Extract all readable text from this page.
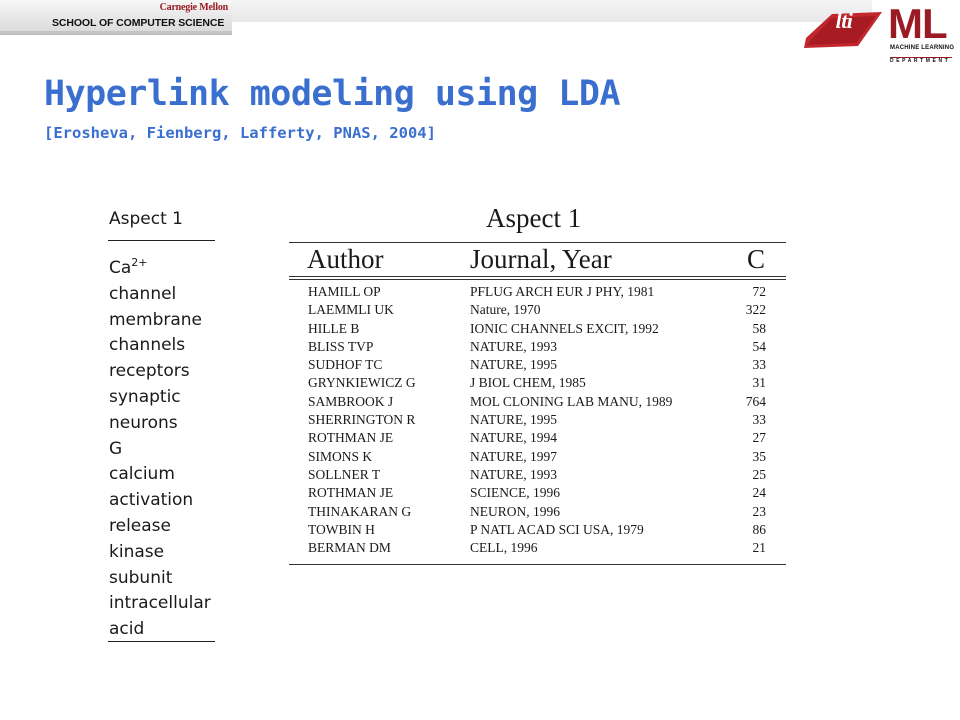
Carnegie Mellon
SCHOOL OF COMPUTER SCIENCE	lti ML
MACHINE LEARNING
DEPARTMENT
Hyperlink modeling using LDA
[Erosheva, Fienberg, Lafferty, PNAS, 2004]
Aspect 1
$Ca^{2+}$
channel
membrane
channels
receptors
synaptic
neurons
G
calcium
activation
release
kinase
subunit
intracellular
acid
Aspect 1
Author	Journal, Year	C
HAMILL OP	PFLUG ARCH EUR J PHY, 1981	72
LAEMMLI UK	Nature, 1970	322
HILLE B	IONIC CHANNELS EXCIT, 1992	58
BLISS TVP	NATURE, 1993	54
SUDHOF TC	NATURE, 1995	33
GRYNKIEWICZ G	J BIOL CHEM, 1985	31
SAMBROOK J	MOL CLONING LAB MANU, 1989	764
SHERRINGTON R	NATURE, 1995	33
ROTHMAN JE	NATURE, 1994	27
SIMONS K	NATURE, 1997	35
SOLLNER T	NATURE, 1993	25
ROTHMAN JE	SCIENCE, 1996	24
THINAKARAN G	NEURON, 1996	23
TOWBIN H	P NATL ACAD SCI USA, 1979	86
BERMAN DM	CELL, 1996	21
